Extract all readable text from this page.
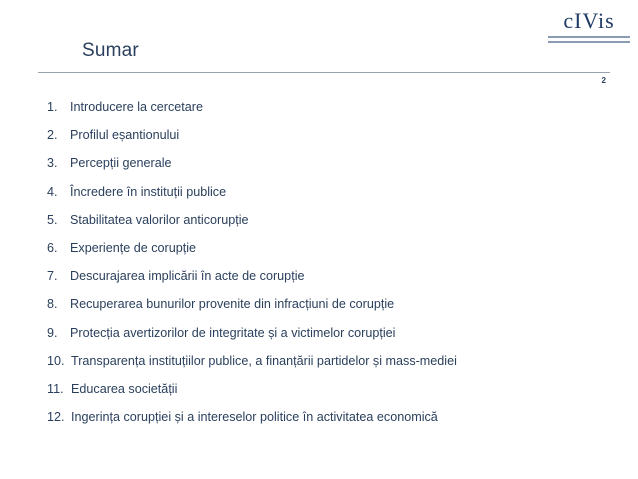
Sumar
cIVis
2
1. Introducere la cercetare
2. Profilul eșantionului
3. Percepții generale
4. Încredere în instituții publice
5. Stabilitatea valorilor anticorupție
6. Experiențe de corupție
7. Descurajarea implicării în acte de corupție
8. Recuperarea bunurilor provenite din infracțiuni de corupție
9. Protecția avertizorilor de integritate și a victimelor corupției
10. Transparența instituțiilor publice, a finanțării partidelor și mass-mediei
11. Educarea societății
12. Ingerința corupției și a intereselor politice în activitatea economică
